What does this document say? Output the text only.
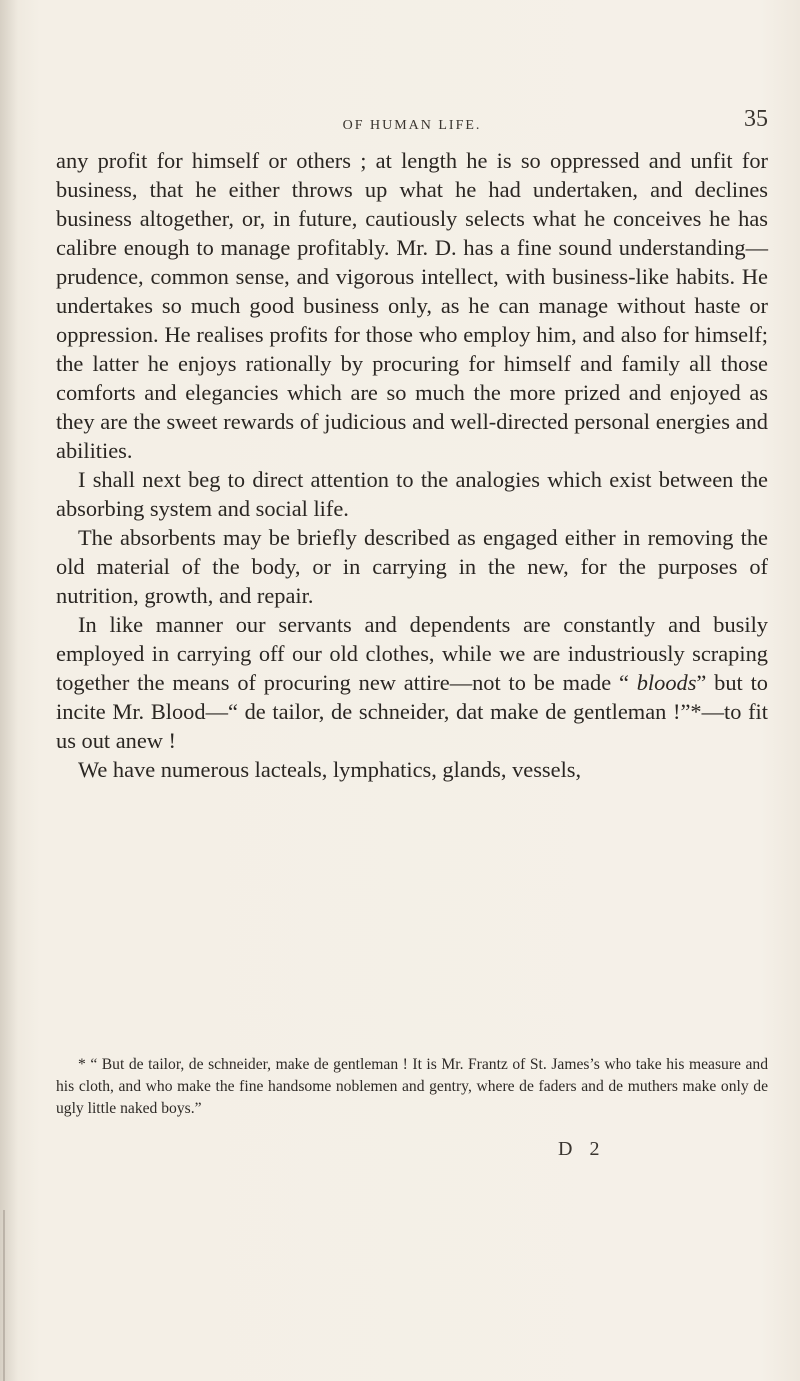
OF HUMAN LIFE.	35

any profit for himself or others ; at length he is so oppressed and unfit for business, that he either throws up what he had undertaken, and declines business altogether, or, in future, cautiously selects what he conceives he has calibre enough to manage profitably. Mr. D. has a fine sound understanding—prudence, common sense, and vigorous intellect, with business-like habits. He undertakes so much good business only, as he can manage without haste or oppression. He realises profits for those who employ him, and also for himself; the latter he enjoys rationally by procuring for himself and family all those comforts and elegancies which are so much the more prized and enjoyed as they are the sweet rewards of judicious and well-directed personal energies and abilities.

I shall next beg to direct attention to the analogies which exist between the absorbing system and social life.

The absorbents may be briefly described as engaged either in removing the old material of the body, or in carrying in the new, for the purposes of nutrition, growth, and repair.

In like manner our servants and dependents are constantly and busily employed in carrying off our old clothes, while we are industriously scraping together the means of procuring new attire—not to be made “ bloods” but to incite Mr. Blood—“ de tailor, de schneider, dat make de gentleman !”*—to fit us out anew !

We have numerous lacteals, lymphatics, glands, vessels,

* “ But de tailor, de schneider, make de gentleman ! It is Mr. Frantz of St. James’s who take his measure and his cloth, and who make the fine handsome noblemen and gentry, where de faders and de muthers make only de ugly little naked boys.”

D 2
